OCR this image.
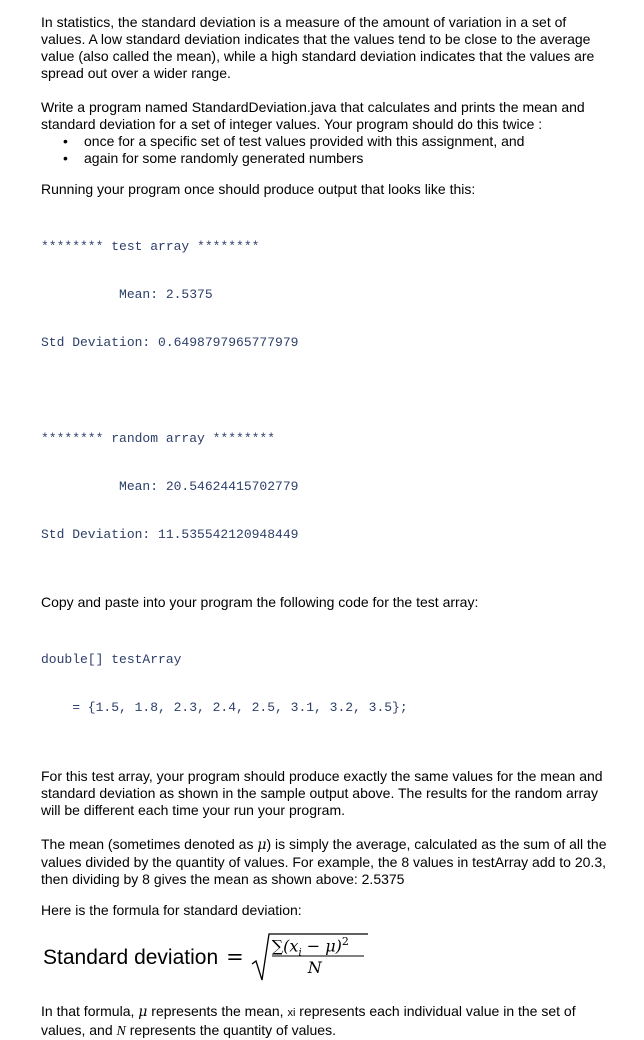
In statistics, the standard deviation is a measure of the amount of variation in a set of values. A low standard deviation indicates that the values tend to be close to the average value (also called the mean), while a high standard deviation indicates that the values are spread out over a wider range.

Write a program named StandardDeviation.java that calculates and prints the mean and standard deviation for a set of integer values. Your program should do this twice :

• once for a specific set of test values provided with this assignment, and
• again for some randomly generated numbers

Running your program once should produce output that looks like this:

******** test array ********

Mean: 2.5375

Std Deviation: 0.6498797965777979

******** random array ********

Mean: 20.54624415702779

Std Deviation: 11.535542120948449

Copy and paste into your program the following code for the test array:

double[] testArray

= {1.5, 1.8, 2.3, 2.4, 2.5, 3.1, 3.2, 3.5};

For this test array, your program should produce exactly the same values for the mean and standard deviation as shown in the sample output above. The results for the random array will be different each time your run your program.

The mean (sometimes denoted as μ) is simply the average, calculated as the sum of all the values divided by the quantity of values. For example, the 8 values in testArray add to 20.3, then dividing by 8 gives the mean as shown above: 2.5375

Here is the formula for standard deviation:

Standard deviation = $\sum(x_i - \mu)^2$
N

In that formula, μ represents the mean, xi represents each individual value in the set of values, and N represents the quantity of values.
